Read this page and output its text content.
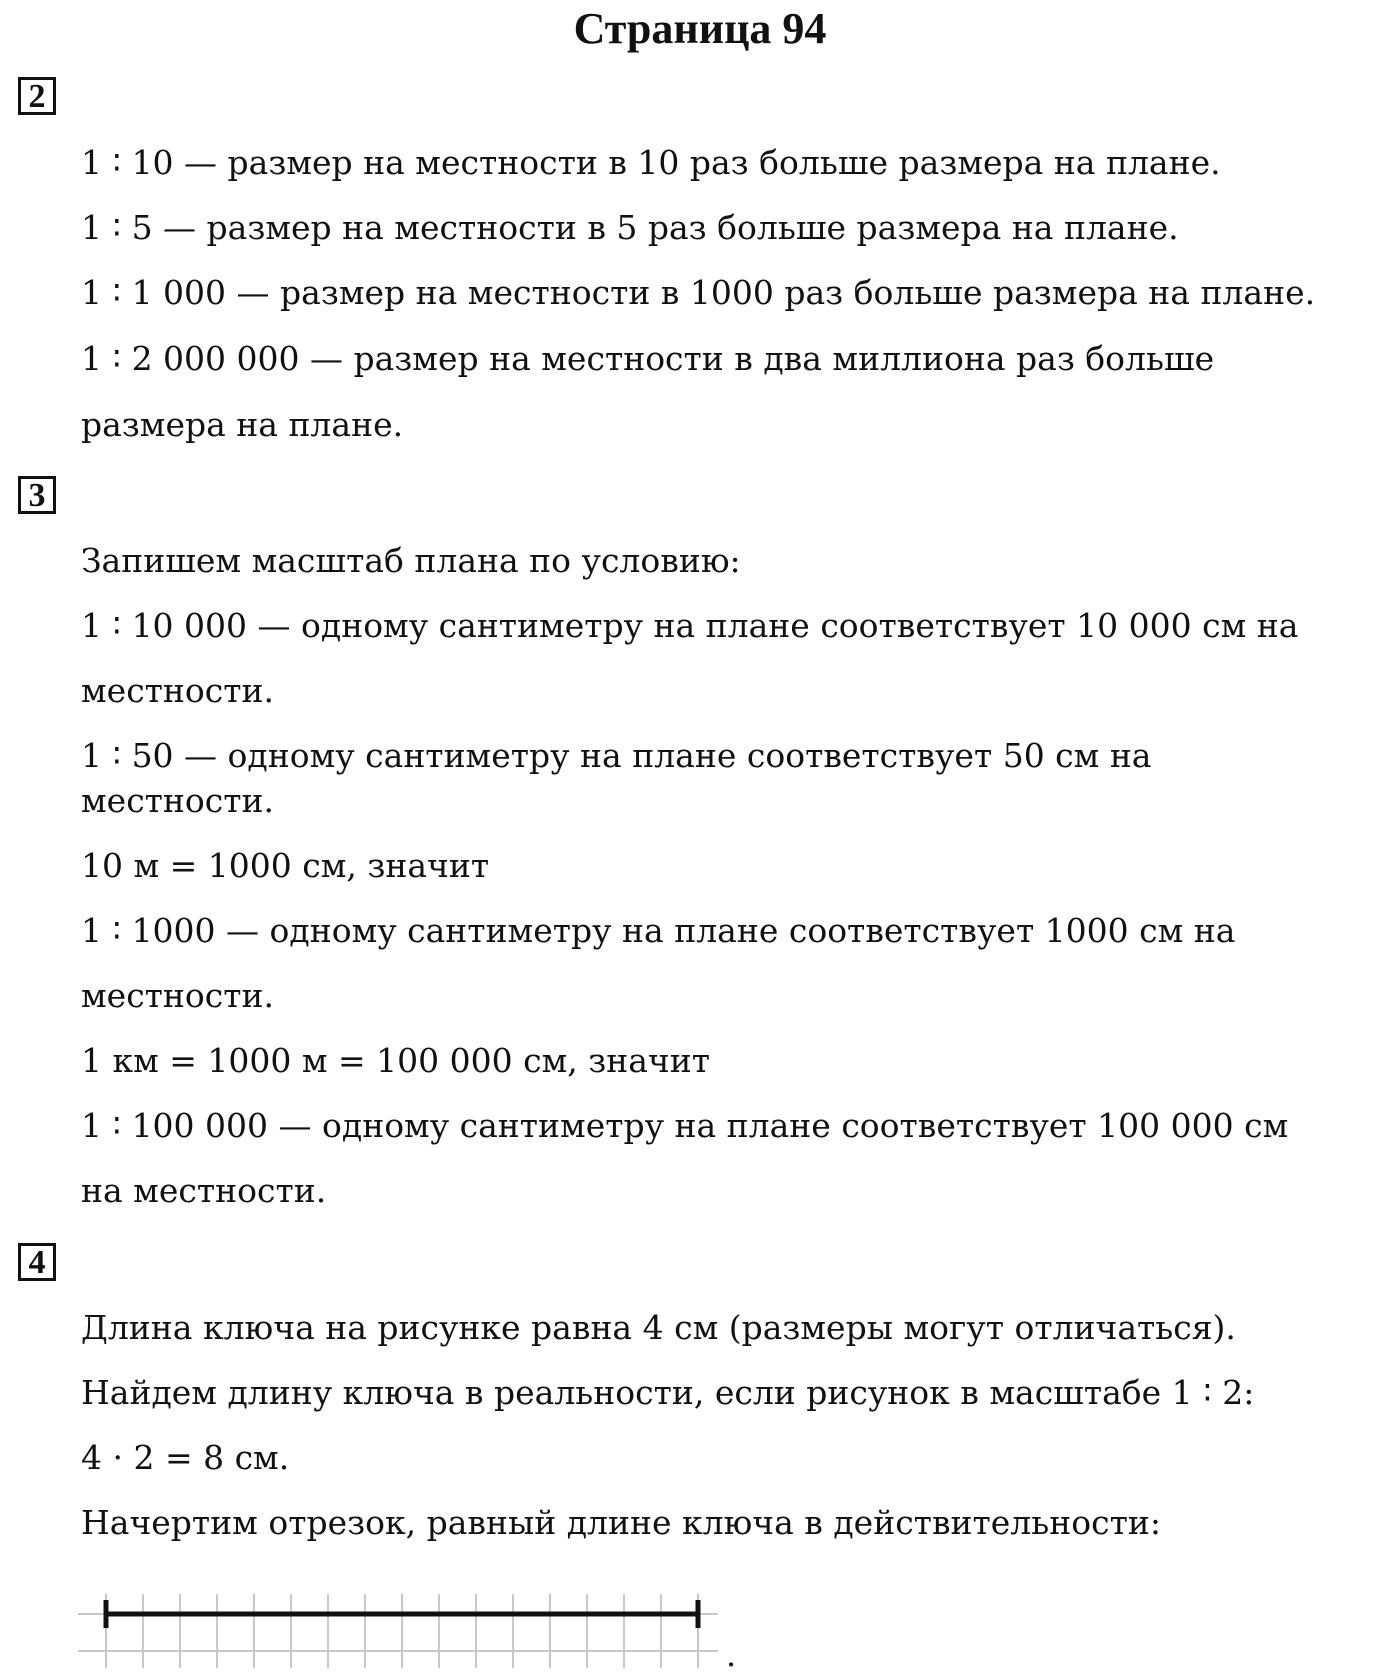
Страница 94
2
1 ∶ 10 — размер на местности в 10 раз больше размера на плане.
1 ∶ 5 — размер на местности в 5 раз больше размера на плане.
1 ∶ 1 000 — размер на местности в 1000 раз больше размера на плане.
1 ∶ 2 000 000 — размер на местности в два миллиона раз больше
размера на плане.
3
Запишем масштаб плана по условию:
1 ∶ 10 000 — одному сантиметру на плане соответствует 10 000 см на
местности.
1 ∶ 50 — одному сантиметру на плане соответствует 50 см на
местности.
10 м = 1000 см, значит
1 ∶ 1000 — одному сантиметру на плане соответствует 1000 см на
местности.
1 км = 1000 м = 100 000 см, значит
1 ∶ 100 000 — одному сантиметру на плане соответствует 100 000 см
на местности.
4
Длина ключа на рисунке равна 4 см (размеры могут отличаться).
Найдем длину ключа в реальности, если рисунок в масштабе 1 ∶ 2:
4 · 2 = 8 см.
Начертим отрезок, равный длине ключа в действительности:
.
